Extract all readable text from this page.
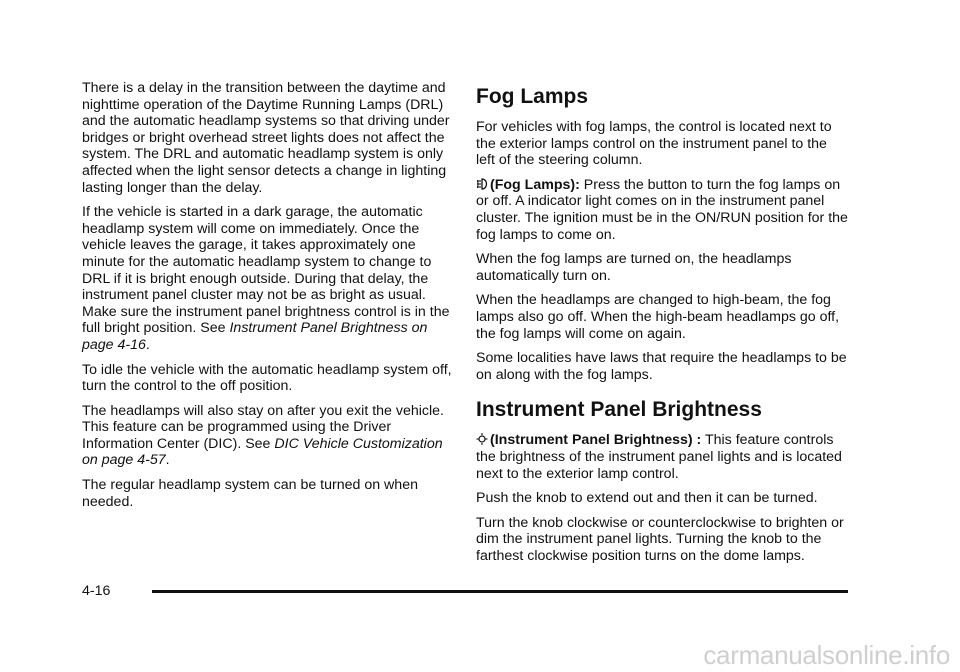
There is a delay in the transition between the daytime and nighttime operation of the Daytime Running Lamps (DRL) and the automatic headlamp systems so that driving under bridges or bright overhead street lights does not affect the system. The DRL and automatic headlamp system is only affected when the light sensor detects a change in lighting lasting longer than the delay.

If the vehicle is started in a dark garage, the automatic headlamp system will come on immediately. Once the vehicle leaves the garage, it takes approximately one minute for the automatic headlamp system to change to DRL if it is bright enough outside. During that delay, the instrument panel cluster may not be as bright as usual. Make sure the instrument panel brightness control is in the full bright position. See Instrument Panel Brightness on page 4-16.

To idle the vehicle with the automatic headlamp system off, turn the control to the off position.

The headlamps will also stay on after you exit the vehicle. This feature can be programmed using the Driver Information Center (DIC). See DIC Vehicle Customization on page 4-57.

The regular headlamp system can be turned on when needed.

Fog Lamps

For vehicles with fog lamps, the control is located next to the exterior lamps control on the instrument panel to the left of the steering column.

(Fog Lamps): Press the button to turn the fog lamps on or off. A indicator light comes on in the instrument panel cluster. The ignition must be in the ON/RUN position for the fog lamps to come on.

When the fog lamps are turned on, the headlamps automatically turn on.

When the headlamps are changed to high-beam, the fog lamps also go off. When the high-beam headlamps go off, the fog lamps will come on again.

Some localities have laws that require the headlamps to be on along with the fog lamps.

Instrument Panel Brightness

(Instrument Panel Brightness) : This feature controls the brightness of the instrument panel lights and is located next to the exterior lamp control.

Push the knob to extend out and then it can be turned.

Turn the knob clockwise or counterclockwise to brighten or dim the instrument panel lights. Turning the knob to the farthest clockwise position turns on the dome lamps.

4-16
carmanualsonline.info
